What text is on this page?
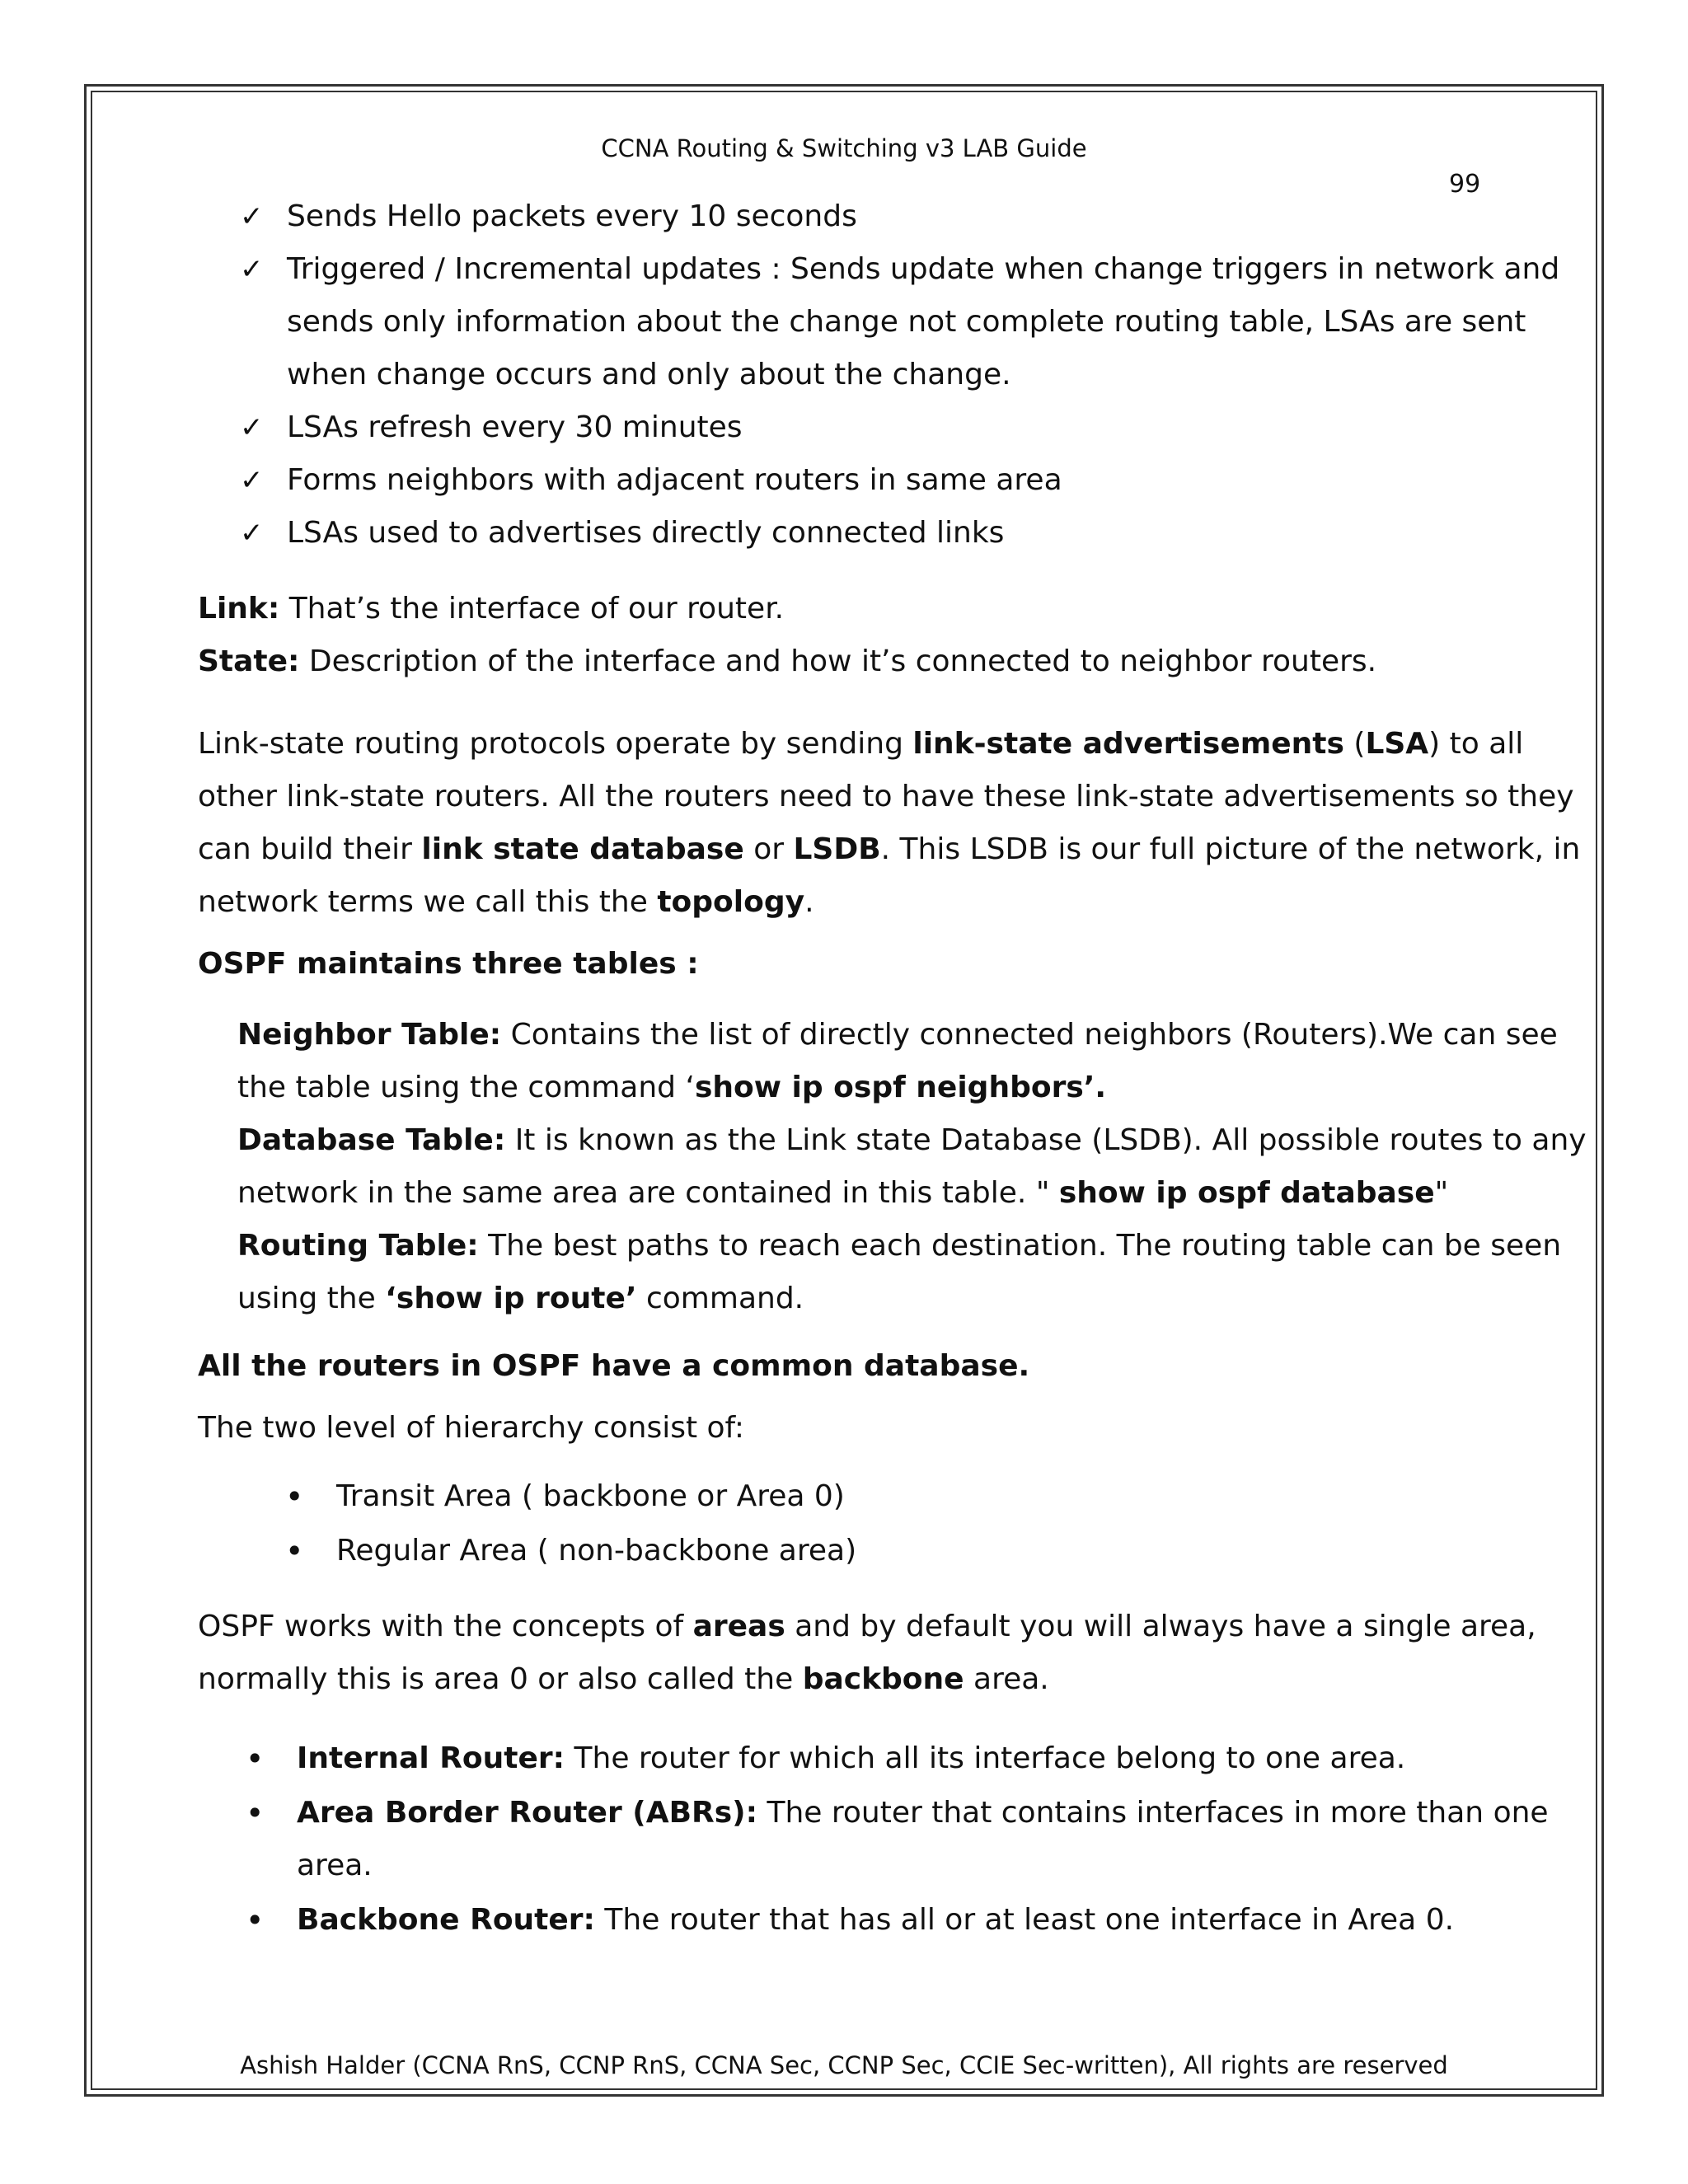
CCNA Routing & Switching v3 LAB Guide
99
✓ Sends Hello packets every 10 seconds
✓ Triggered / Incremental updates : Sends update when change triggers in network and
sends only information about the change not complete routing table, LSAs are sent
when change occurs and only about the change.
✓ LSAs refresh every 30 minutes
✓ Forms neighbors with adjacent routers in same area
✓ LSAs used to advertises directly connected links
Link: That’s the interface of our router.
State: Description of the interface and how it’s connected to neighbor routers.
Link-state routing protocols operate by sending link-state advertisements (LSA) to all
other link-state routers. All the routers need to have these link-state advertisements so they
can build their link state database or LSDB. This LSDB is our full picture of the network, in
network terms we call this the topology.
OSPF maintains three tables :
Neighbor Table: Contains the list of directly connected neighbors (Routers).We can see
the table using the command ‘show ip ospf neighbors’.
Database Table: It is known as the Link state Database (LSDB). All possible routes to any
network in the same area are contained in this table. " show ip ospf database"
Routing Table: The best paths to reach each destination. The routing table can be seen
using the ‘show ip route’ command.
All the routers in OSPF have a common database.
The two level of hierarchy consist of:
• Transit Area ( backbone or Area 0)
• Regular Area ( non-backbone area)
OSPF works with the concepts of areas and by default you will always have a single area,
normally this is area 0 or also called the backbone area.
• Internal Router: The router for which all its interface belong to one area.
• Area Border Router (ABRs): The router that contains interfaces in more than one
area.
• Backbone Router: The router that has all or at least one interface in Area 0.
Ashish Halder (CCNA RnS, CCNP RnS, CCNA Sec, CCNP Sec, CCIE Sec-written), All rights are reserved
